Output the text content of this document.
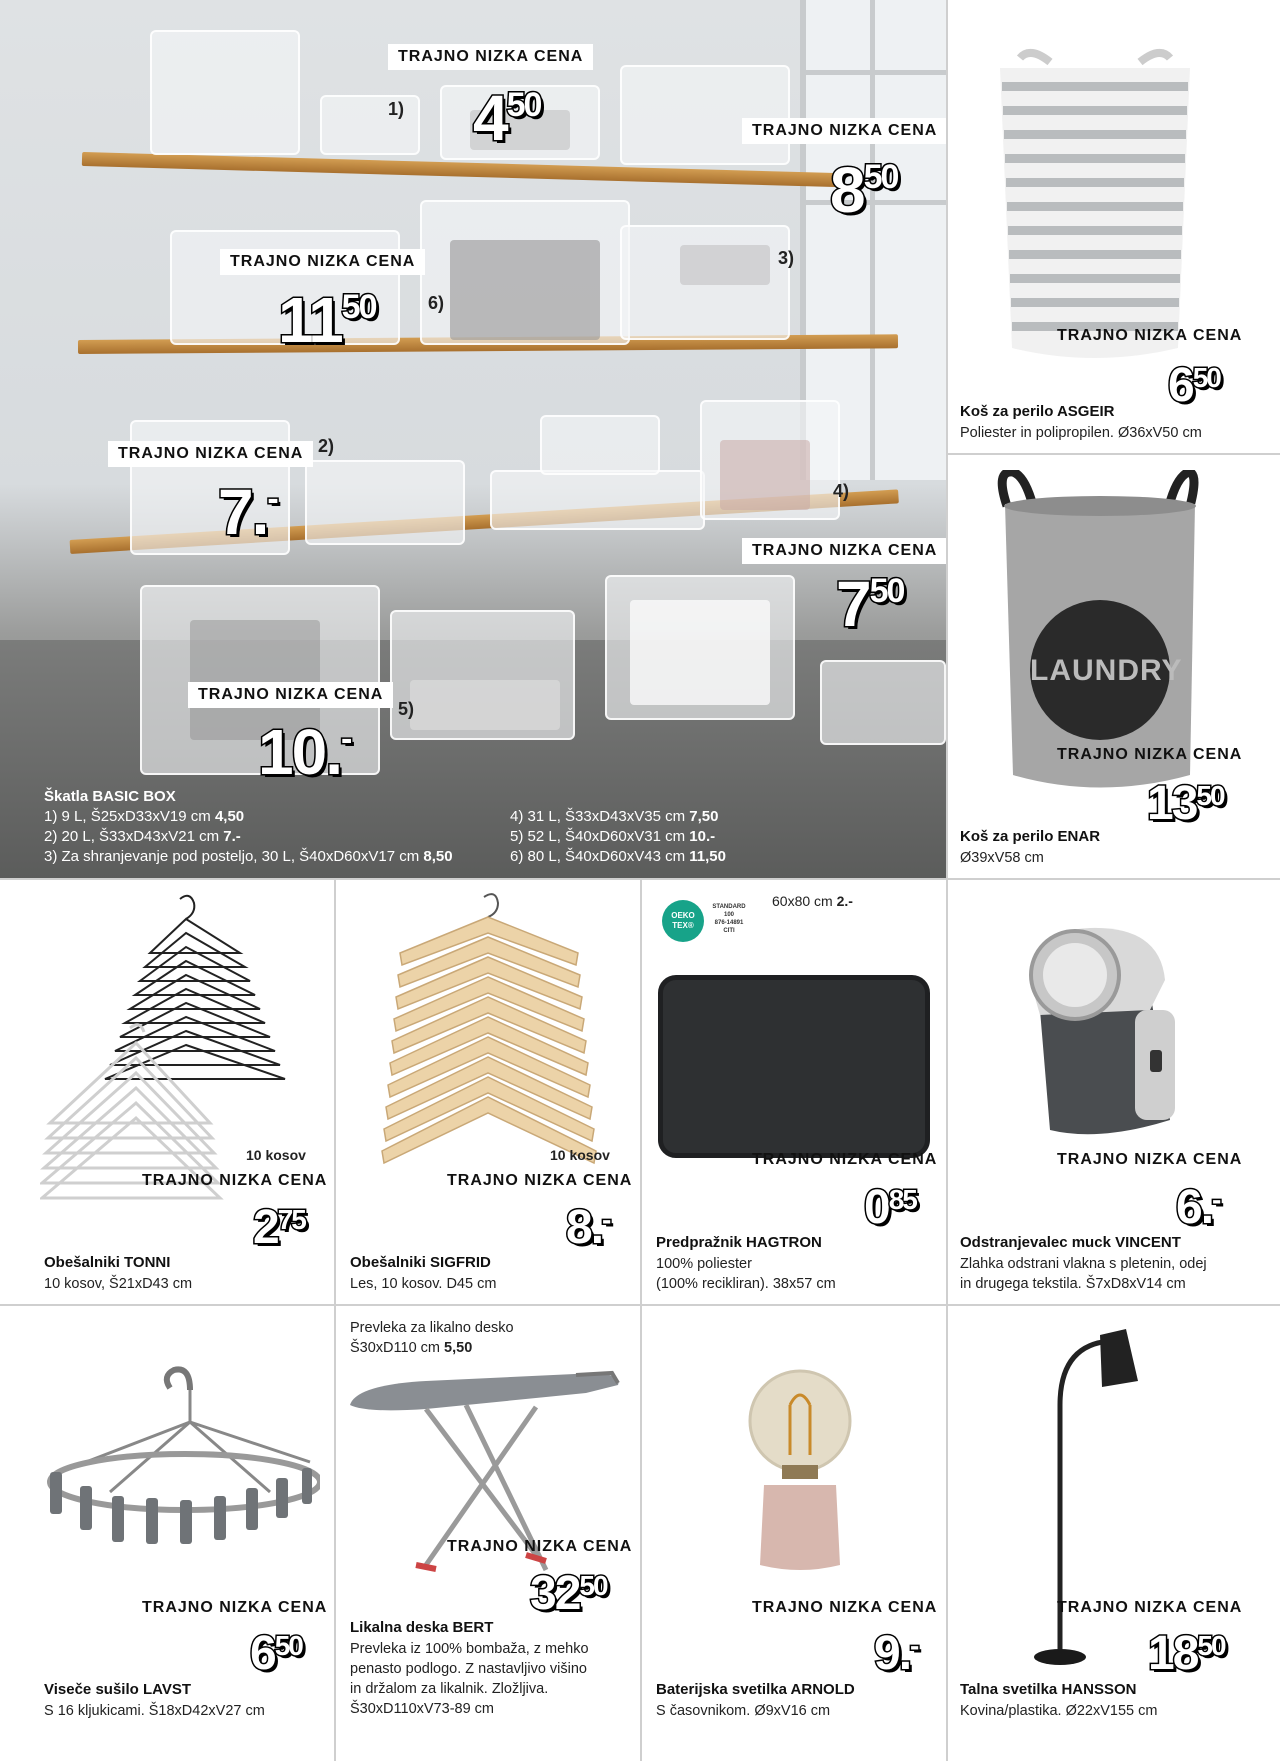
1)
2)
3)
4)
5)
6)
TRAJNO NIZKA CENA
450
TRAJNO NIZKA CENA
850
TRAJNO NIZKA CENA
1150
TRAJNO NIZKA CENA
7.-
TRAJNO NIZKA CENA
750
TRAJNO NIZKA CENA
10.-
Škatla BASIC BOX
1) 9 L, Š25xD33xV19 cm 4,50
2) 20 L, Š33xD43xV21 cm 7.-
3) Za shranjevanje pod posteljo, 30 L, Š40xD60xV17 cm 8,50
4) 31 L, Š33xD43xV35 cm 7,50
5) 52 L, Š40xD60xV31 cm 10.-
6) 80 L, Š40xD60xV43 cm 11,50
TRAJNO NIZKA CENA
650
Koš za perilo ASGEIR
Poliester in polipropilen. Ø36xV50 cm
LAUNDRY
TRAJNO NIZKA CENA
1350
Koš za perilo ENAR
Ø39xV58 cm
10 kosov
TRAJNO NIZKA CENA
275
Obešalniki TONNI
10 kosov, Š21xD43 cm
10 kosov
TRAJNO NIZKA CENA
8.-
Obešalniki SIGFRID
Les, 10 kosov. D45 cm
OEKO TEX®
STANDARD
100
876-14891
CITI
60x80 cm 2.-
TRAJNO NIZKA CENA
085
Predpražnik HAGTRON
100% poliester
(100% recikliran). 38x57 cm
TRAJNO NIZKA CENA
6.-
Odstranjevalec muck VINCENT
Zlahka odstrani vlakna s pletenin, odej
in drugega tekstila. Š7xD8xV14 cm
TRAJNO NIZKA CENA
650
Viseče sušilo LAVST
S 16 kljukicami. Š18xD42xV27 cm
Prevleka za likalno desko
Š30xD110 cm 5,50
TRAJNO NIZKA CENA
3250
Likalna deska BERT
Prevleka iz 100% bombaža, z mehko
penasto podlogo. Z nastavljivo višino
in držalom za likalnik. Zložljiva.
Š30xD110xV73-89 cm
TRAJNO NIZKA CENA
9.-
Baterijska svetilka ARNOLD
S časovnikom. Ø9xV16 cm
TRAJNO NIZKA CENA
1850
Talna svetilka HANSSON
Kovina/plastika. Ø22xV155 cm
